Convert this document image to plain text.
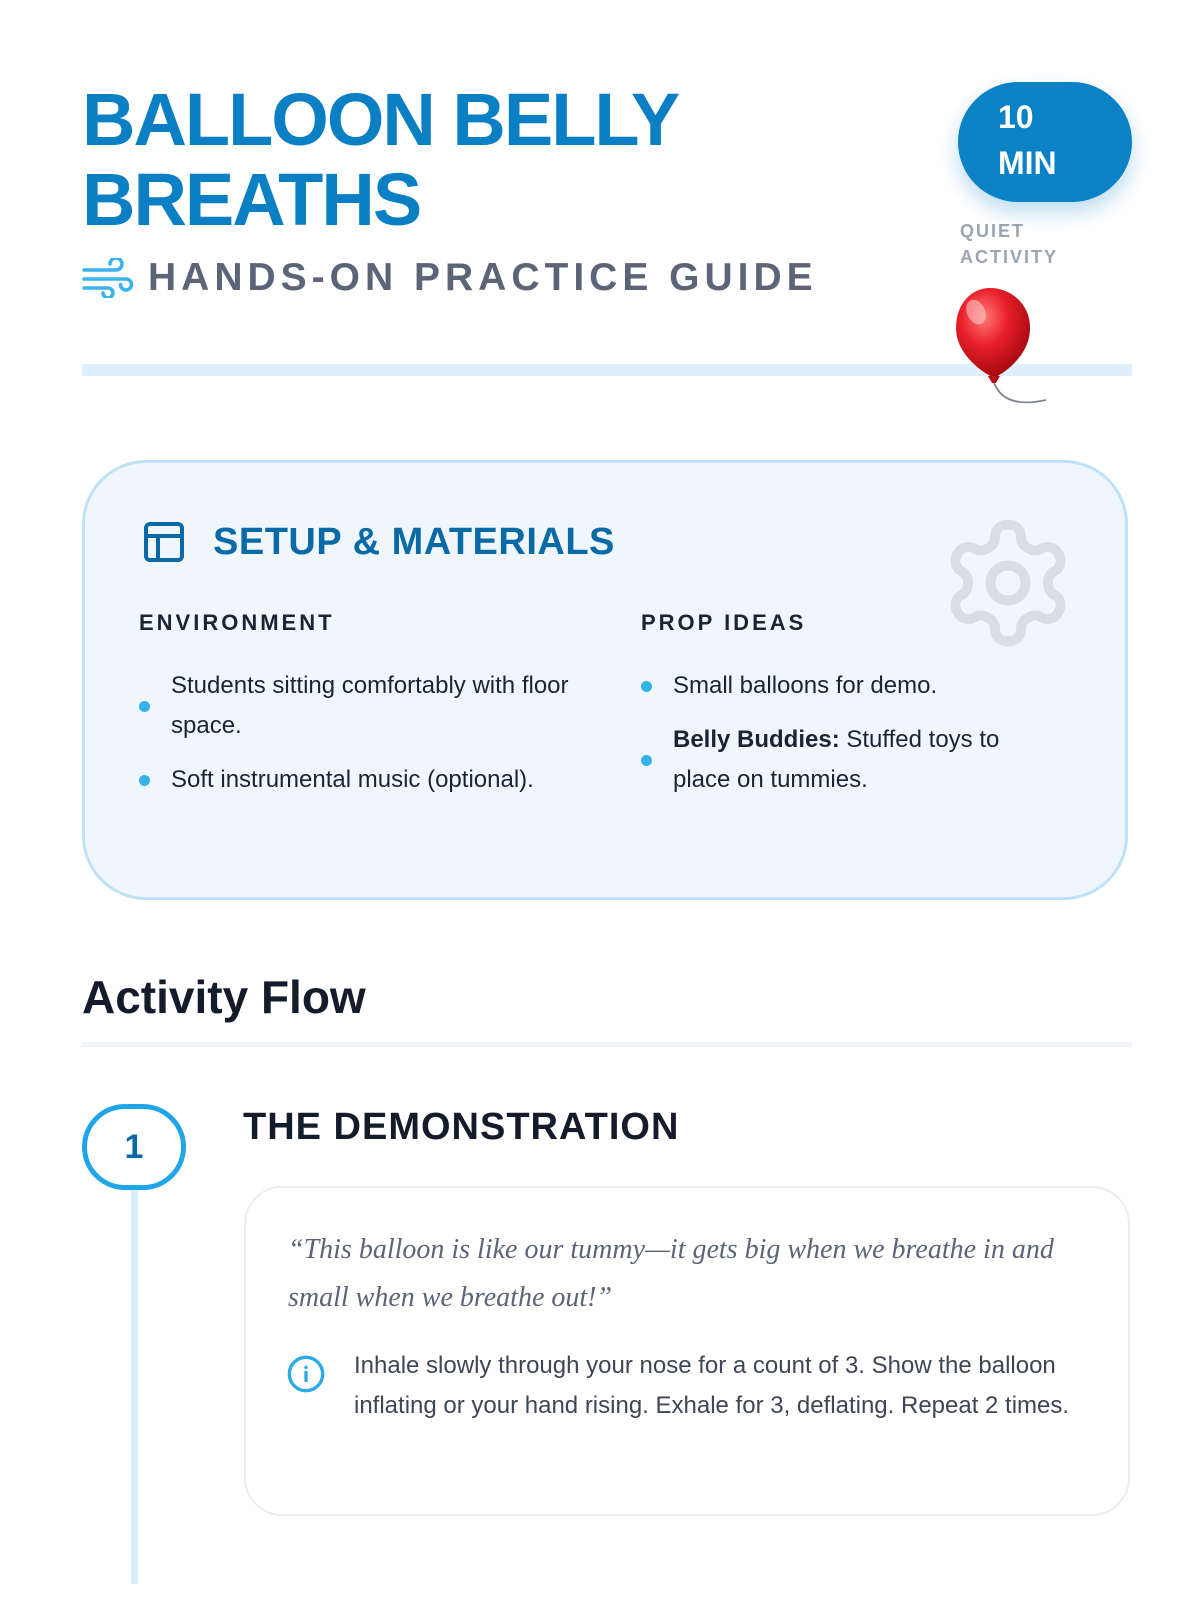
BALLOON BELLY BREATHS
HANDS-ON PRACTICE GUIDE
10
MIN
QUIET ACTIVITY
SETUP & MATERIALS
ENVIRONMENT
Students sitting comfortably with floor space.
Soft instrumental music (optional).
PROP IDEAS
Small balloons for demo.
Belly Buddies: Stuffed toys to place on tummies.
Activity Flow
1	THE DEMONSTRATION
“This balloon is like our tummy—it gets big when we breathe in and small when we breathe out!”
Inhale slowly through your nose for a count of 3. Show the balloon inflating or your hand rising. Exhale for 3, deflating. Repeat 2 times.
